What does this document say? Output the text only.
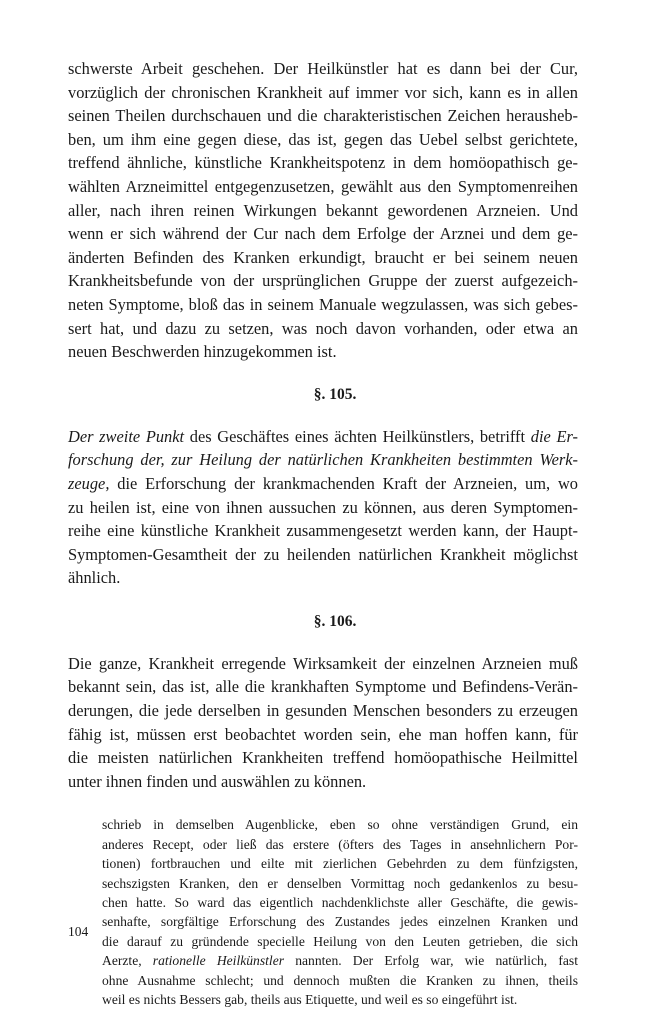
schwerste Arbeit geschehen. Der Heilkünstler hat es dann bei der Cur,
vorzüglich der chronischen Krankheit auf immer vor sich, kann es in allen
seinen Theilen durchschauen und die charakteristischen Zeichen herausheb-
ben, um ihm eine gegen diese, das ist, gegen das Uebel selbst gerichtete,
treffend ähnliche, künstliche Krankheitspotenz in dem homöopathisch ge-
wählten Arzneimittel entgegenzusetzen, gewählt aus den Symptomenreihen
aller, nach ihren reinen Wirkungen bekannt gewordenen Arzneien. Und
wenn er sich während der Cur nach dem Erfolge der Arznei und dem ge-
änderten Befinden des Kranken erkundigt, braucht er bei seinem neuen
Krankheitsbefunde von der ursprünglichen Gruppe der zuerst aufgezeich-
neten Symptome, bloß das in seinem Manuale wegzulassen, was sich gebes-
sert hat, und dazu zu setzen, was noch davon vorhanden, oder etwa an
neuen Beschwerden hinzugekommen ist.

§. 105.

Der zweite Punkt des Geschäftes eines ächten Heilkünstlers, betrifft die Er-
forschung der, zur Heilung der natürlichen Krankheiten bestimmten Werk-
zeuge, die Erforschung der krankmachenden Kraft der Arzneien, um, wo
zu heilen ist, eine von ihnen aussuchen zu können, aus deren Symptomen-
reihe eine künstliche Krankheit zusammengesetzt werden kann, der Haupt-
Symptomen-Gesamtheit der zu heilenden natürlichen Krankheit möglichst
ähnlich.

§. 106.

Die ganze, Krankheit erregende Wirksamkeit der einzelnen Arzneien muß
bekannt sein, das ist, alle die krankhaften Symptome und Befindens-Verän-
derungen, die jede derselben in gesunden Menschen besonders zu erzeugen
fähig ist, müssen erst beobachtet worden sein, ehe man hoffen kann, für
die meisten natürlichen Krankheiten treffend homöopathische Heilmittel
unter ihnen finden und auswählen zu können.

schrieb in demselben Augenblicke, eben so ohne verständigen Grund, ein
anderes Recept, oder ließ das erstere (öfters des Tages in ansehnlichern Por-
tionen) fortbrauchen und eilte mit zierlichen Gebehrden zu dem fünfzigsten,
sechszigsten Kranken, den er denselben Vormittag noch gedankenlos zu besu-
chen hatte. So ward das eigentlich nachdenklichste aller Geschäfte, die gewis-
senhafte, sorgfältige Erforschung des Zustandes jedes einzelnen Kranken und
die darauf zu gründende specielle Heilung von den Leuten getrieben, die sich
Aerzte, rationelle Heilkünstler nannten. Der Erfolg war, wie natürlich, fast
ohne Ausnahme schlecht; und dennoch mußten die Kranken zu ihnen, theils
weil es nichts Bessers gab, theils aus Etiquette, und weil es so eingeführt ist.
104
